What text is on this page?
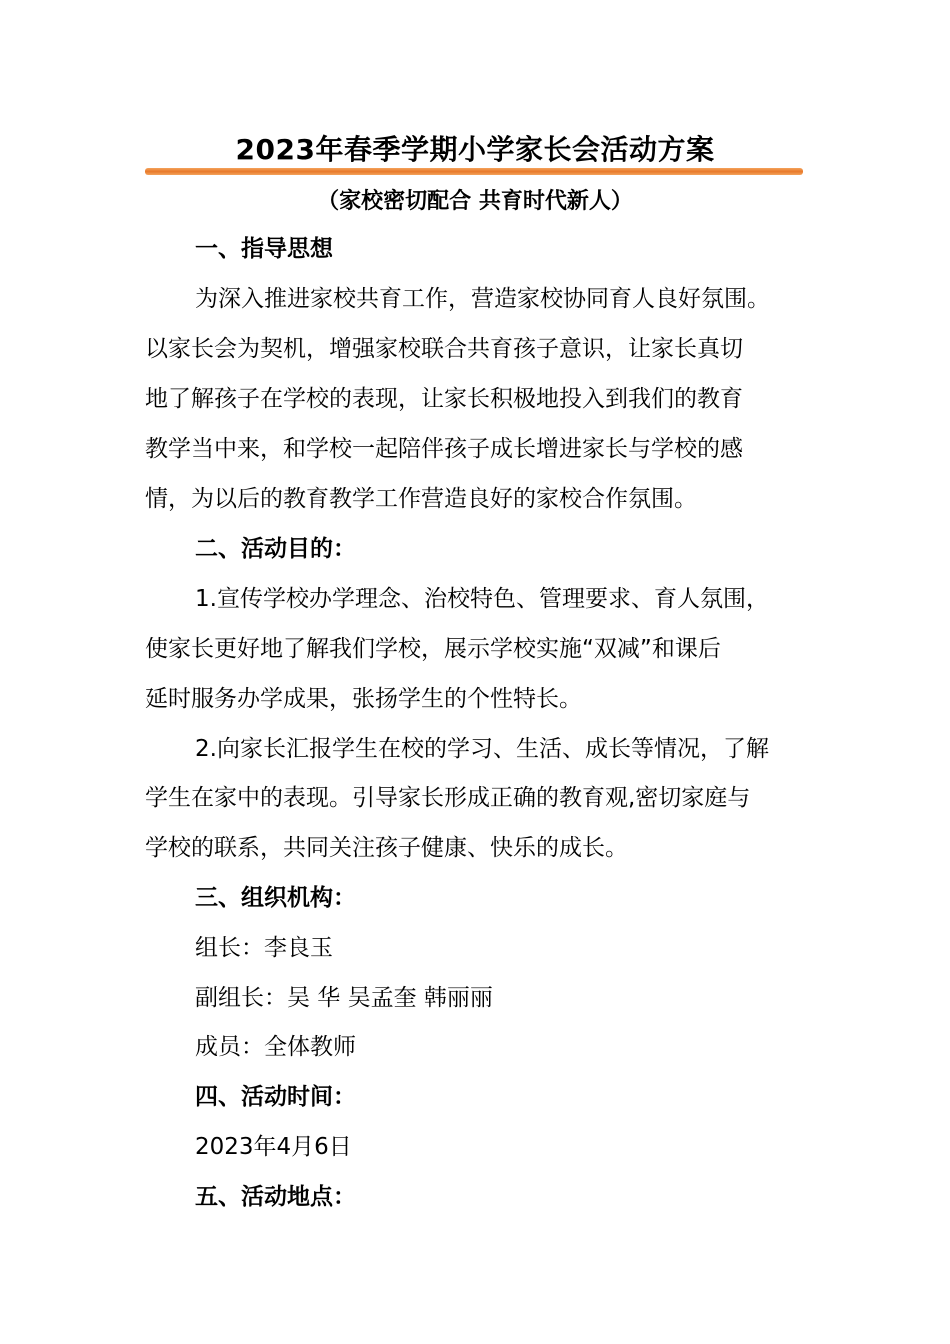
2023年春季学期小学家长会活动方案
（家校密切配合 共育时代新人）
一、指导思想
为深入推进家校共育工作，营造家校协同育人良好氛围。
以家长会为契机，增强家校联合共育孩子意识，让家长真切
地了解孩子在学校的表现，让家长积极地投入到我们的教育
教学当中来，和学校一起陪伴孩子成长增进家长与学校的感
情，为以后的教育教学工作营造良好的家校合作氛围。
二、活动目的：
1.宣传学校办学理念、治校特色、管理要求、育人氛围，
使家长更好地了解我们学校，展示学校实施“双减”和课后
延时服务办学成果，张扬学生的个性特长。
2.向家长汇报学生在校的学习、生活、成长等情况，了解
学生在家中的表现。引导家长形成正确的教育观,密切家庭与
学校的联系，共同关注孩子健康、快乐的成长。
三、组织机构：
组长：李良玉
副组长：吴 华 吴孟奎 韩丽丽
成员：全体教师
四、活动时间：
2023年4月6日
五、活动地点：
